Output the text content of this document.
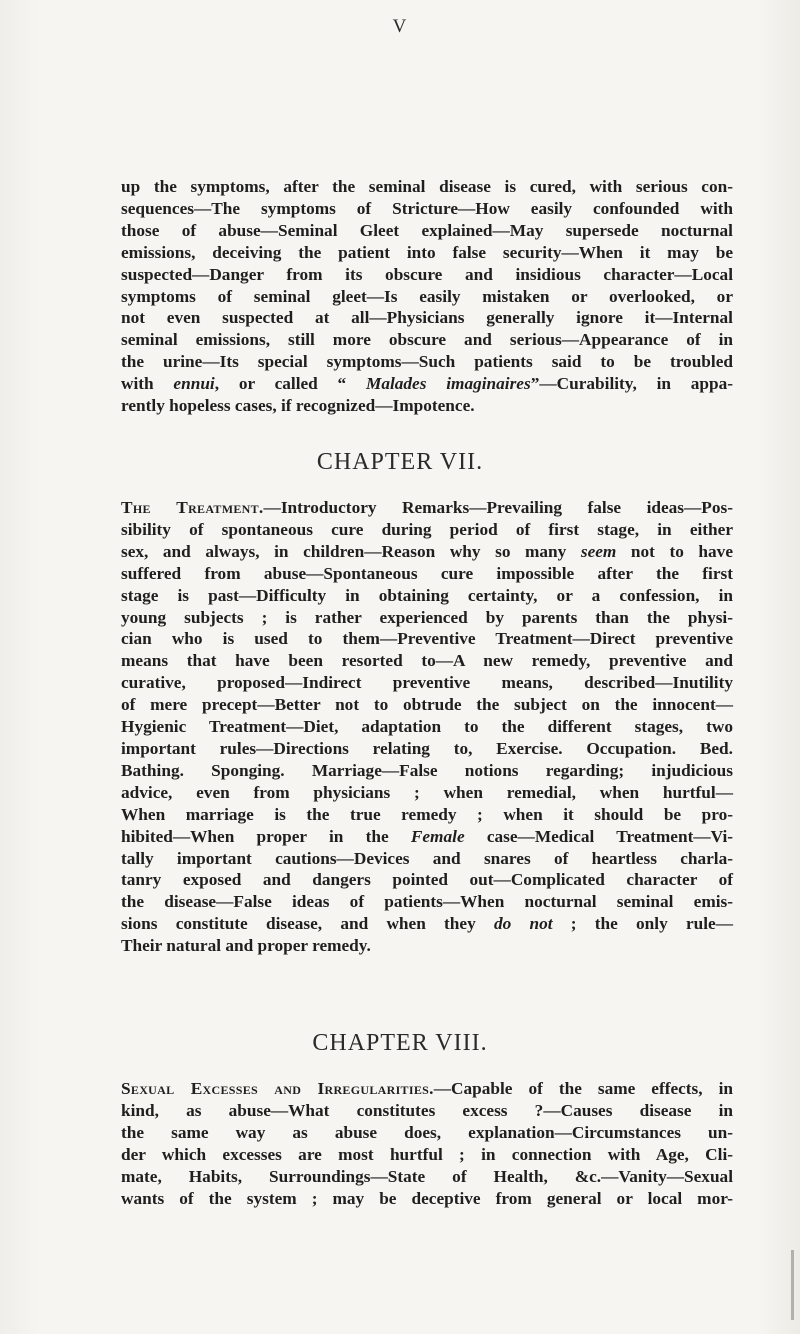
V
up the symptoms, after the seminal disease is cured, with serious con-
sequences—The symptoms of Stricture—How easily confounded with
those of abuse—Seminal Gleet explained—May supersede nocturnal
emissions, deceiving the patient into false security—When it may be
suspected—Danger from its obscure and insidious character—Local
symptoms of seminal gleet—Is easily mistaken or overlooked, or
not even suspected at all—Physicians generally ignore it—Internal
seminal emissions, still more obscure and serious—Appearance of in
the urine—Its special symptoms—Such patients said to be troubled
with ennui, or called “ Malades imaginaires”—Curability, in appa-
rently hopeless cases, if recognized—Impotence.
CHAPTER VII.
The Treatment.—Introductory Remarks—Prevailing false ideas—Pos-
sibility of spontaneous cure during period of first stage, in either
sex, and always, in children—Reason why so many seem not to have
suffered from abuse—Spontaneous cure impossible after the first
stage is past—Difficulty in obtaining certainty, or a confession, in
young subjects ; is rather experienced by parents than the physi-
cian who is used to them—Preventive Treatment—Direct preventive
means that have been resorted to—A new remedy, preventive and
curative, proposed—Indirect preventive means, described—Inutility
of mere precept—Better not to obtrude the subject on the innocent—
Hygienic Treatment—Diet, adaptation to the different stages, two
important rules—Directions relating to, Exercise. Occupation. Bed.
Bathing. Sponging. Marriage—False notions regarding; injudicious
advice, even from physicians ; when remedial, when hurtful—
When marriage is the true remedy ; when it should be pro-
hibited—When proper in the Female case—Medical Treatment—Vi-
tally important cautions—Devices and snares of heartless charla-
tanry exposed and dangers pointed out—Complicated character of
the disease—False ideas of patients—When nocturnal seminal emis-
sions constitute disease, and when they do not ; the only rule—
Their natural and proper remedy.
CHAPTER VIII.
Sexual Excesses and Irregularities.—Capable of the same effects, in
kind, as abuse—What constitutes excess ?—Causes disease in
the same way as abuse does, explanation—Circumstances un-
der which excesses are most hurtful ; in connection with Age, Cli-
mate, Habits, Surroundings—State of Health, &c.—Vanity—Sexual
wants of the system ; may be deceptive from general or local mor-
